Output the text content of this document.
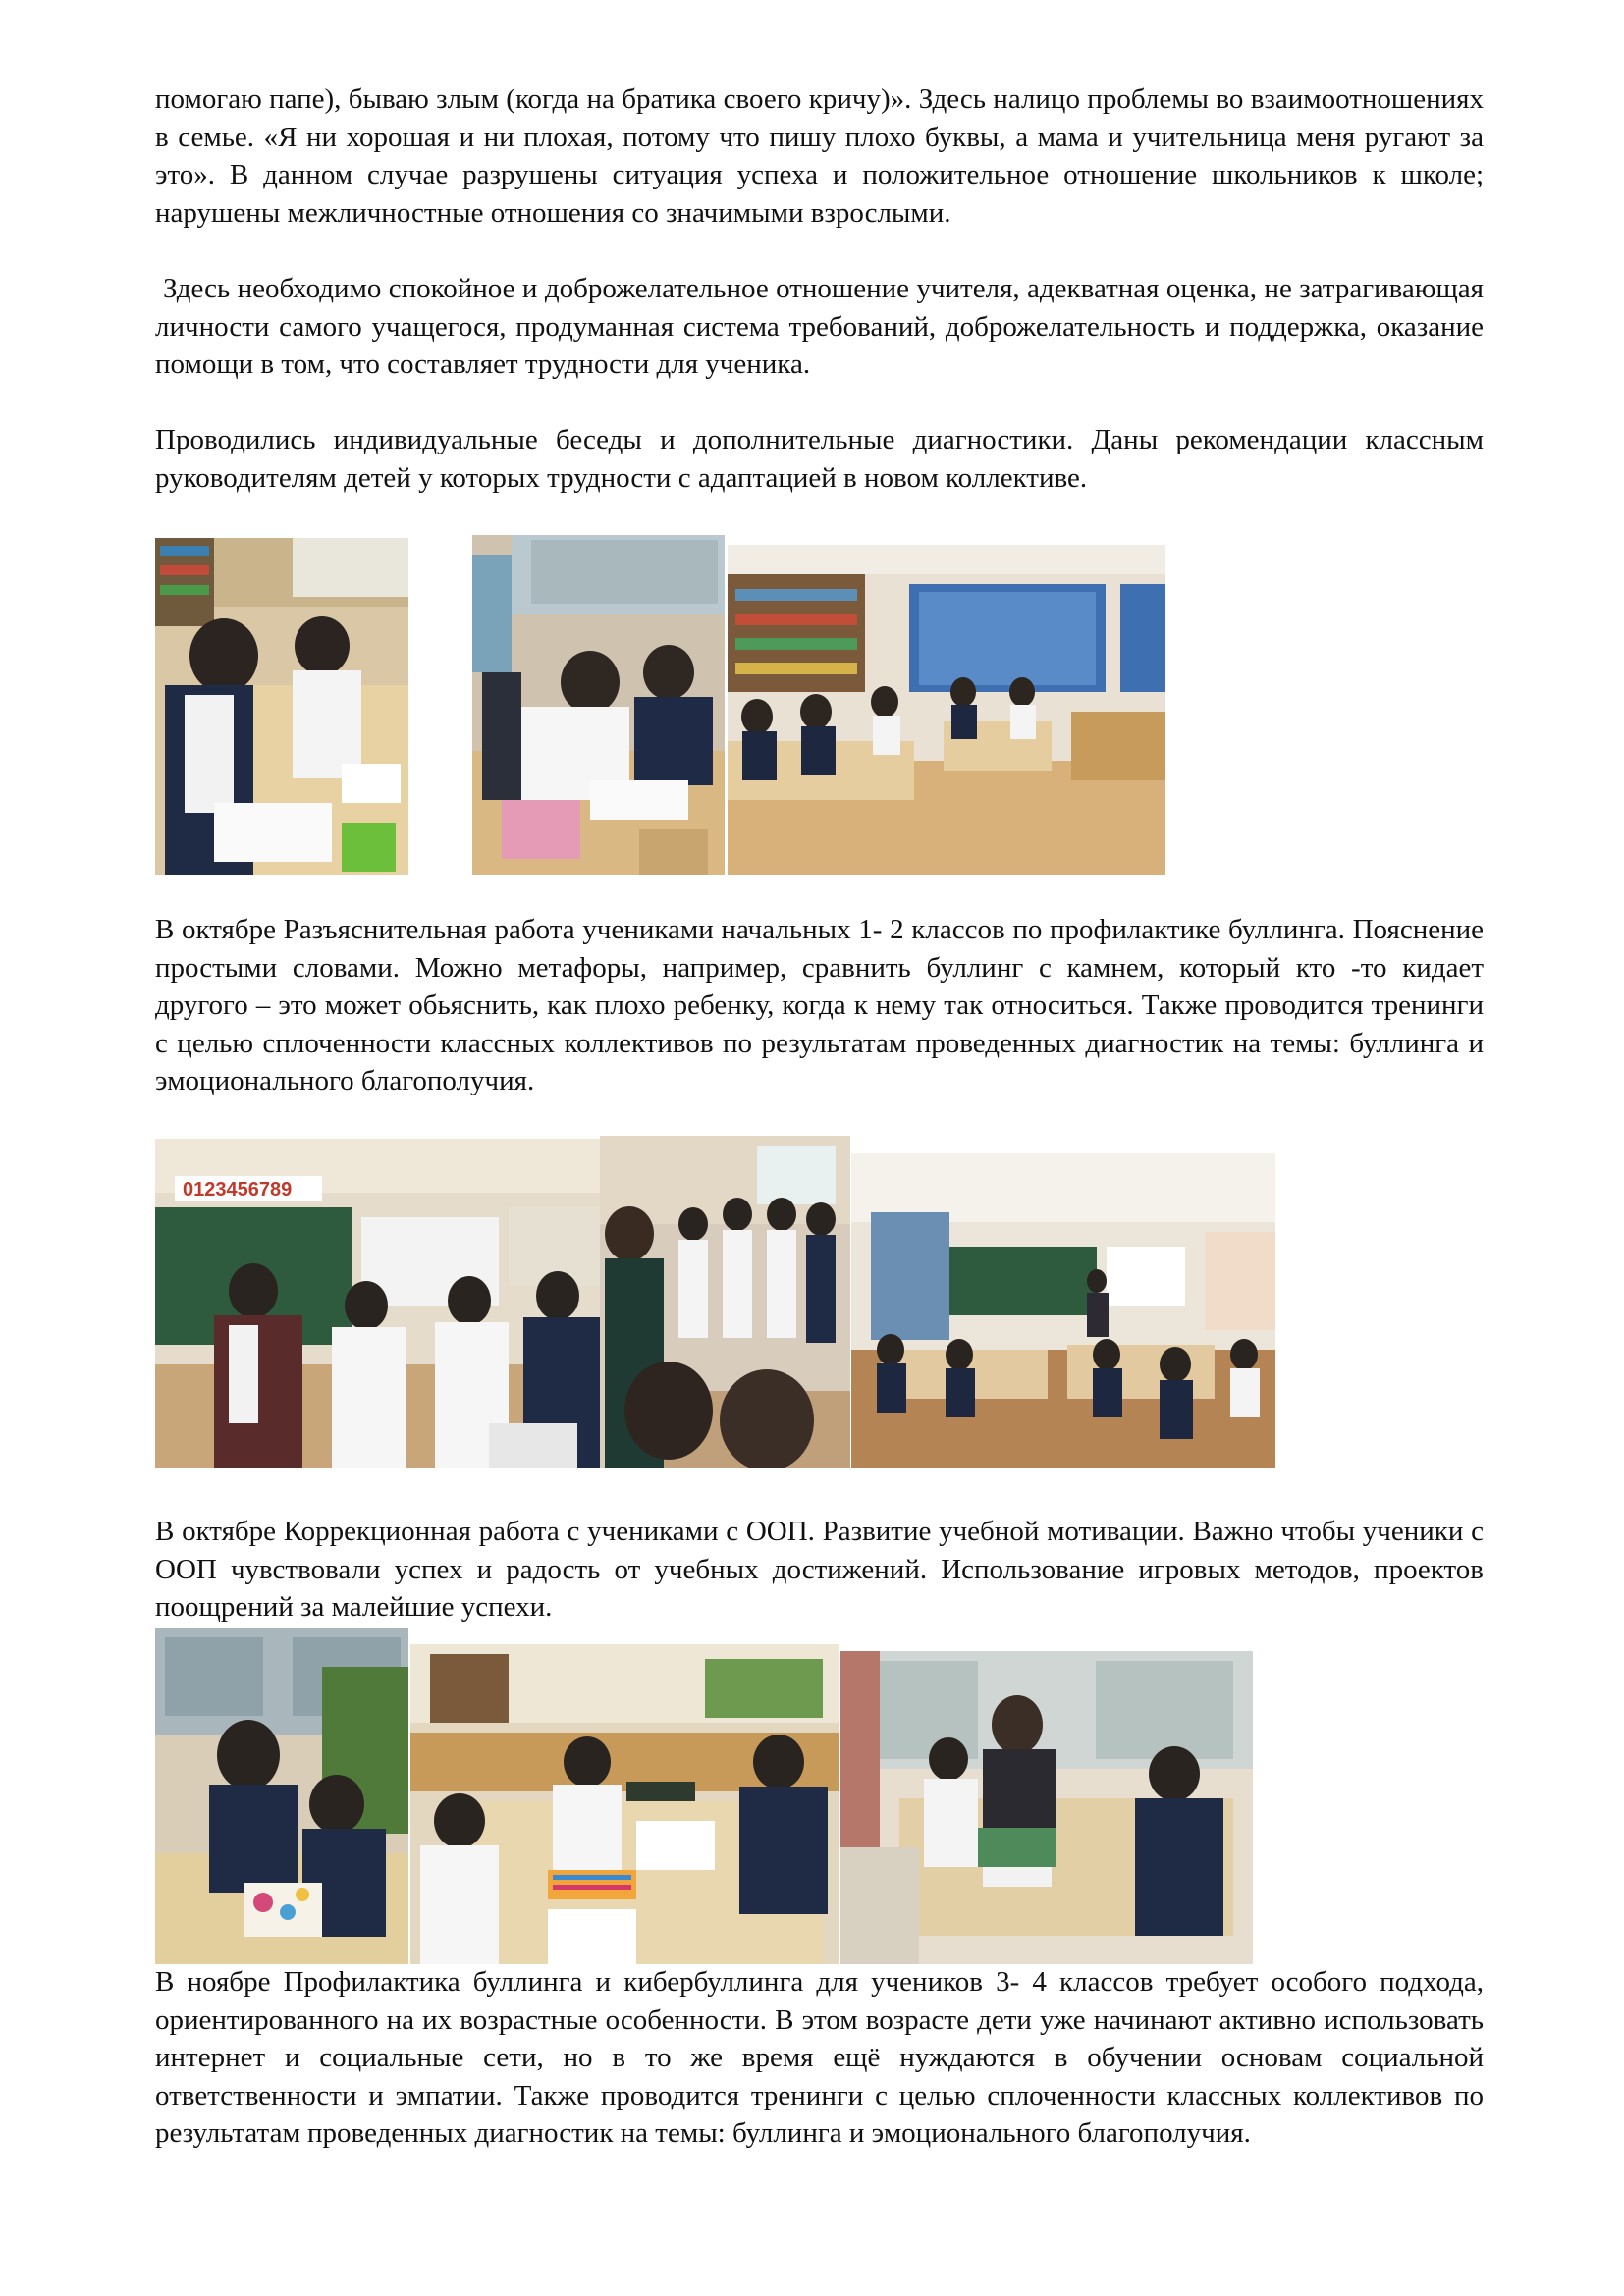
помогаю папе), бываю злым (когда на братика своего кричу)». Здесь налицо проблемы во взаимоотношениях в семье. «Я ни хорошая и ни плохая, потому что пишу плохо буквы, а мама и учительница меня ругают за это». В данном случае разрушены ситуация успеха и положительное отношение школьников к школе; нарушены межличностные отношения со значимыми взрослыми.

Здесь необходимо спокойное и доброжелательное отношение учителя, адекватная оценка, не затрагивающая личности самого учащегося, продуманная система требований, доброжелательность и поддержка, оказание помощи в том, что составляет трудности для ученика.

Проводились индивидуальные беседы и дополнительные диагностики. Даны рекомендации классным руководителям детей у которых трудности с адаптацией в новом коллективе.

В октябре Разъяснительная работа учениками начальных 1- 2 классов по профилактике буллинга. Пояснение простыми словами. Можно метафоры, например, сравнить буллинг с камнем, который кто -то кидает другого – это может обьяснить, как плохо ребенку, когда к нему так относиться. Также проводится тренинги с целью сплоченности классных коллективов по результатам проведенных диагностик на темы: буллинга и эмоционального благополучия.

0123456789

В октябре Коррекционная работа с учениками с ООП. Развитие учебной мотивации. Важно чтобы ученики с ООП чувствовали успех и радость от учебных достижений. Использование игровых методов, проектов поощрений за малейшие успехи.

В ноябре Профилактика буллинга и кибербуллинга для учеников 3- 4 классов требует особого подхода, ориентированного на их возрастные особенности. В этом возрасте дети уже начинают активно использовать интернет и социальные сети, но в то же время ещё нуждаются в обучении основам социальной ответственности и эмпатии. Также проводится тренинги с целью сплоченности классных коллективов по результатам проведенных диагностик на темы: буллинга и эмоционального благополучия.
